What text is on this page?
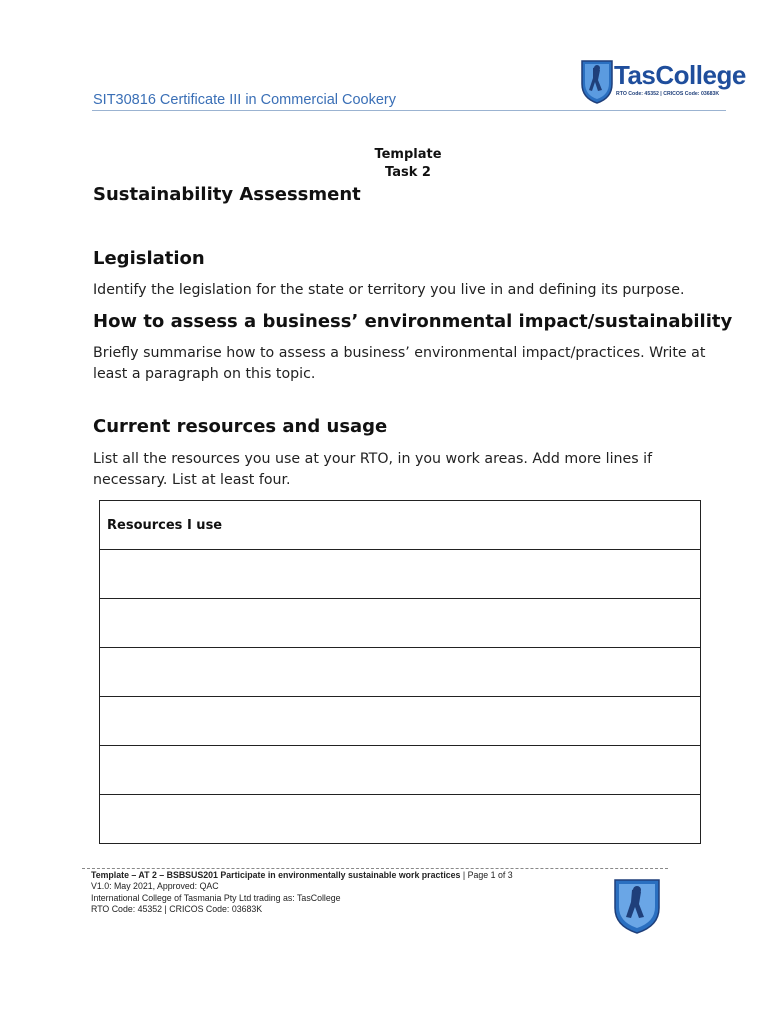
SIT30816 Certificate III in Commercial Cookery
TasCollege
RTO Code: 45352 | CRICOS Code: 03683K
Template
Task 2
Sustainability Assessment
Legislation
Identify the legislation for the state or territory you live in and defining its purpose.
How to assess a business’ environmental impact/sustainability
Briefly summarise how to assess a business’ environmental impact/practices. Write at least a paragraph on this topic.
Current resources and usage
List all the resources you use at your RTO, in you work areas. Add more lines if necessary. List at least four.
Resources I use

Template – AT 2 – BSBSUS201 Participate in environmentally sustainable work practices | Page 1 of 3
V1.0: May 2021, Approved: QAC
International College of Tasmania Pty Ltd trading as: TasCollege
RTO Code: 45352 | CRICOS Code: 03683K
